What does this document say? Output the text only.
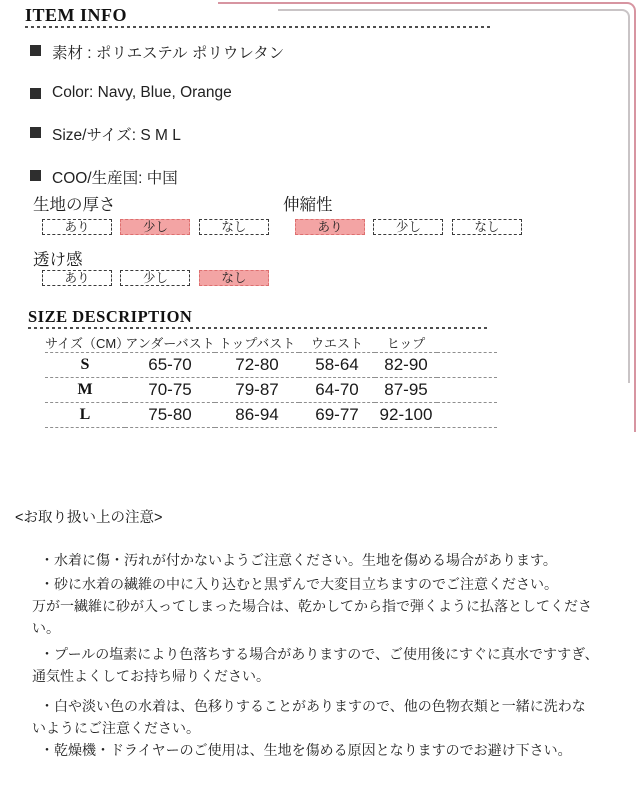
ITEM INFO
素材 : ポリエステル ポリウレタン
Color: Navy, Blue, Orange
Size/サイズ: S M L
COO/生産国: 中国
生地の厚さ
あり	少し	なし
伸縮性
あり	少し	なし
透け感
あり	少し	なし
SIZE DESCRIPTION
サイズ（CM）	アンダーバスト	トップバスト	ウエスト	ヒップ	
S	65-70	72-80	58-64	82-90	
M	70-75	79-87	64-70	87-95	
L	75-80	86-94	69-77	92-100	
<お取り扱い上の注意>

・水着に傷・汚れが付かないようご注意ください。生地を傷める場合があります。

・砂に水着の繊維の中に入り込むと黒ずんで大変目立ちますのでご注意ください。
万が一繊維に砂が入ってしまった場合は、乾かしてから指で弾くように払落としてください。

・プールの塩素により色落ちする場合がありますので、ご使用後にすぐに真水ですすぎ、
通気性よくしてお持ち帰りください。

・白や淡い色の水着は、色移りすることがありますので、他の色物衣類と一緒に洗わな
いようにご注意ください。

・乾燥機・ドライヤーのご使用は、生地を傷める原因となりますのでお避け下さい。
